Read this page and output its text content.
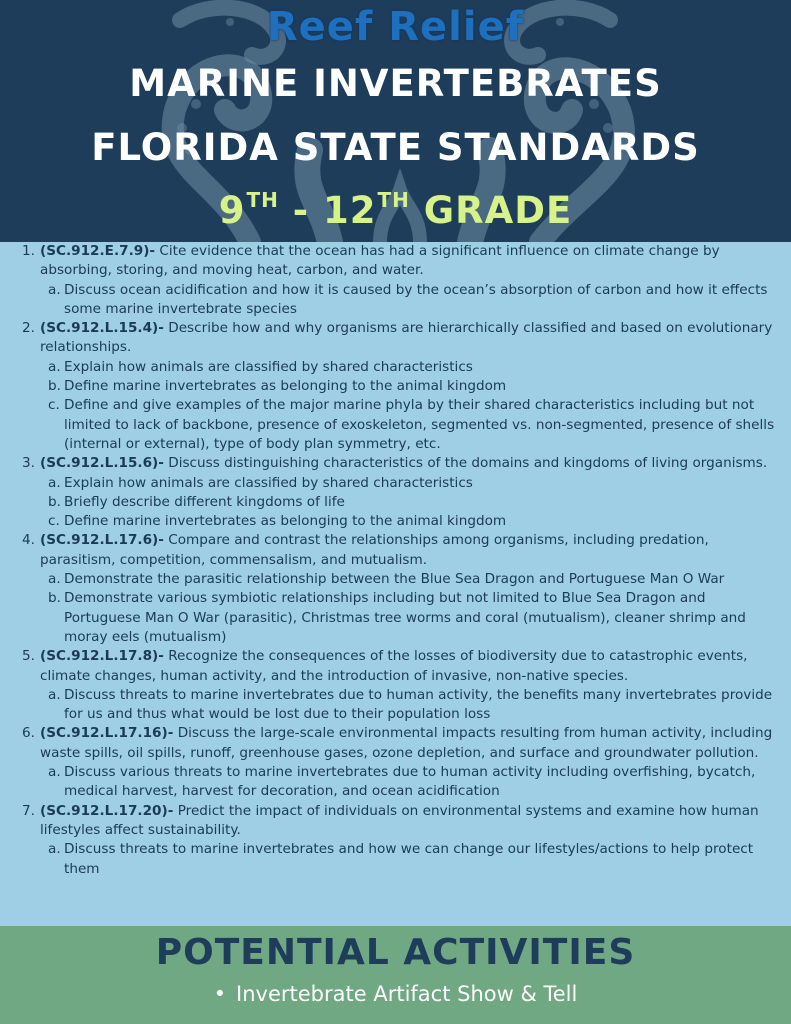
Reef Relief
MARINE INVERTEBRATES
FLORIDA STATE STANDARDS
9TH - 12TH GRADE
1. (SC.912.E.7.9)- Cite evidence that the ocean has had a significant influence on climate change by absorbing, storing, and moving heat, carbon, and water.
a. Discuss ocean acidification and how it is caused by the ocean’s absorption of carbon and how it effects some marine invertebrate species
2. (SC.912.L.15.4)- Describe how and why organisms are hierarchically classified and based on evolutionary relationships.
a. Explain how animals are classified by shared characteristics
b. Define marine invertebrates as belonging to the animal kingdom
c. Define and give examples of the major marine phyla by their shared characteristics including but not limited to lack of backbone, presence of exoskeleton, segmented vs. non-segmented, presence of shells (internal or external), type of body plan symmetry, etc.
3. (SC.912.L.15.6)- Discuss distinguishing characteristics of the domains and kingdoms of living organisms.
a. Explain how animals are classified by shared characteristics
b. Briefly describe different kingdoms of life
c. Define marine invertebrates as belonging to the animal kingdom
4. (SC.912.L.17.6)- Compare and contrast the relationships among organisms, including predation, parasitism, competition, commensalism, and mutualism.
a. Demonstrate the parasitic relationship between the Blue Sea Dragon and Portuguese Man O War
b. Demonstrate various symbiotic relationships including but not limited to Blue Sea Dragon and Portuguese Man O War (parasitic), Christmas tree worms and coral (mutualism), cleaner shrimp and moray eels (mutualism)
5. (SC.912.L.17.8)- Recognize the consequences of the losses of biodiversity due to catastrophic events, climate changes, human activity, and the introduction of invasive, non-native species.
a. Discuss threats to marine invertebrates due to human activity, the benefits many invertebrates provide for us and thus what would be lost due to their population loss
6. (SC.912.L.17.16)- Discuss the large-scale environmental impacts resulting from human activity, including waste spills, oil spills, runoff, greenhouse gases, ozone depletion, and surface and groundwater pollution.
a. Discuss various threats to marine invertebrates due to human activity including overfishing, bycatch, medical harvest, harvest for decoration, and ocean acidification
7. (SC.912.L.17.20)- Predict the impact of individuals on environmental systems and examine how human lifestyles affect sustainability.
a. Discuss threats to marine invertebrates and how we can change our lifestyles/actions to help protect them
POTENTIAL ACTIVITIES
• Invertebrate Artifact Show & Tell
